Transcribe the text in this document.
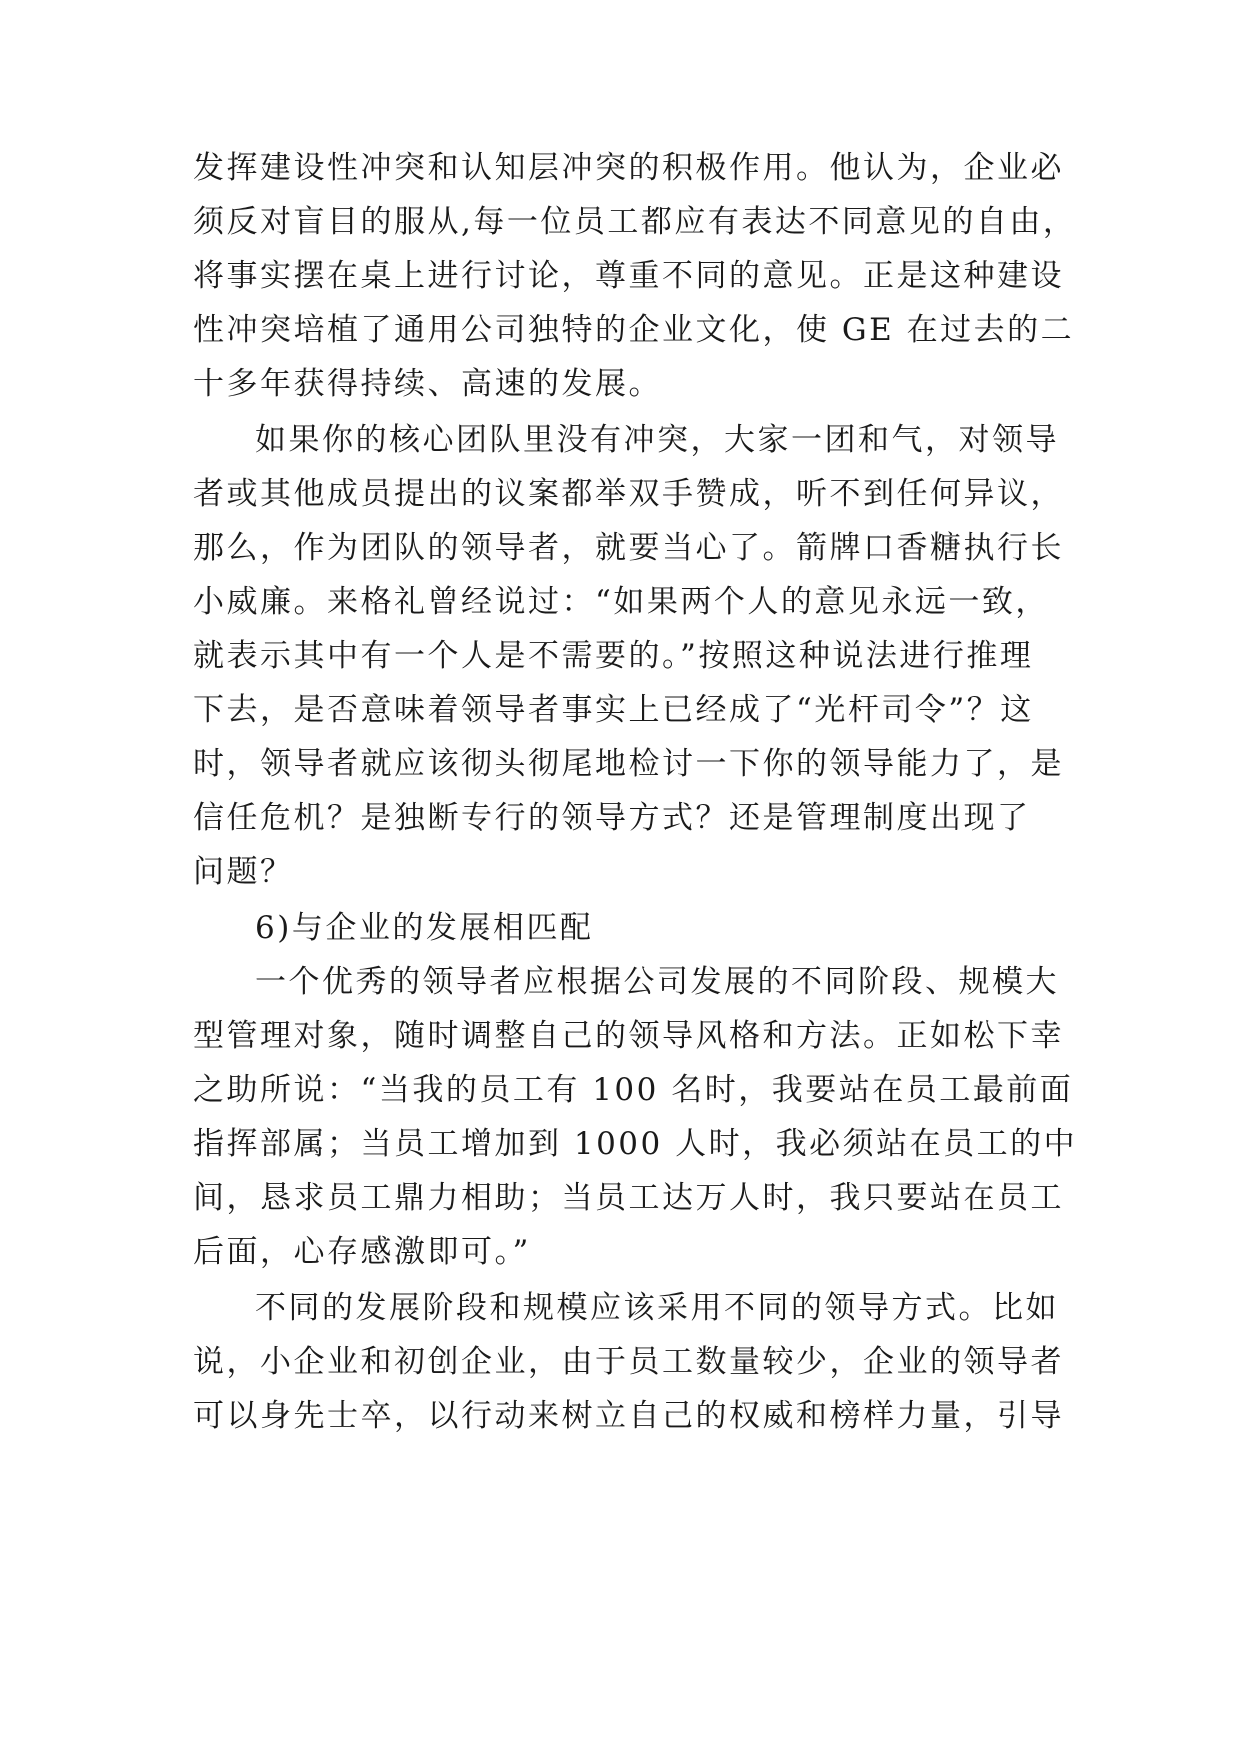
发挥建设性冲突和认知层冲突的积极作用。他认为，企业必
须反对盲目的服从,每一位员工都应有表达不同意见的自由，
将事实摆在桌上进行讨论，尊重不同的意见。正是这种建设
性冲突培植了通用公司独特的企业文化，使 GE 在过去的二
十多年获得持续、高速的发展。
如果你的核心团队里没有冲突，大家一团和气，对领导
者或其他成员提出的议案都举双手赞成，听不到任何异议，
那么，作为团队的领导者，就要当心了。箭牌口香糖执行长
小威廉。来格礼曾经说过：“如果两个人的意见永远一致，
就表示其中有一个人是不需要的。”按照这种说法进行推理
下去，是否意味着领导者事实上已经成了“光杆司令”？这
时，领导者就应该彻头彻尾地检讨一下你的领导能力了，是
信任危机？是独断专行的领导方式？还是管理制度出现了
问题？
6)与企业的发展相匹配
一个优秀的领导者应根据公司发展的不同阶段、规模大
型管理对象，随时调整自己的领导风格和方法。正如松下幸
之助所说：“当我的员工有 100 名时，我要站在员工最前面
指挥部属；当员工增加到 1000 人时，我必须站在员工的中
间，恳求员工鼎力相助；当员工达万人时，我只要站在员工
后面，心存感激即可。”
不同的发展阶段和规模应该采用不同的领导方式。比如
说，小企业和初创企业，由于员工数量较少，企业的领导者
可以身先士卒，以行动来树立自己的权威和榜样力量，引导
